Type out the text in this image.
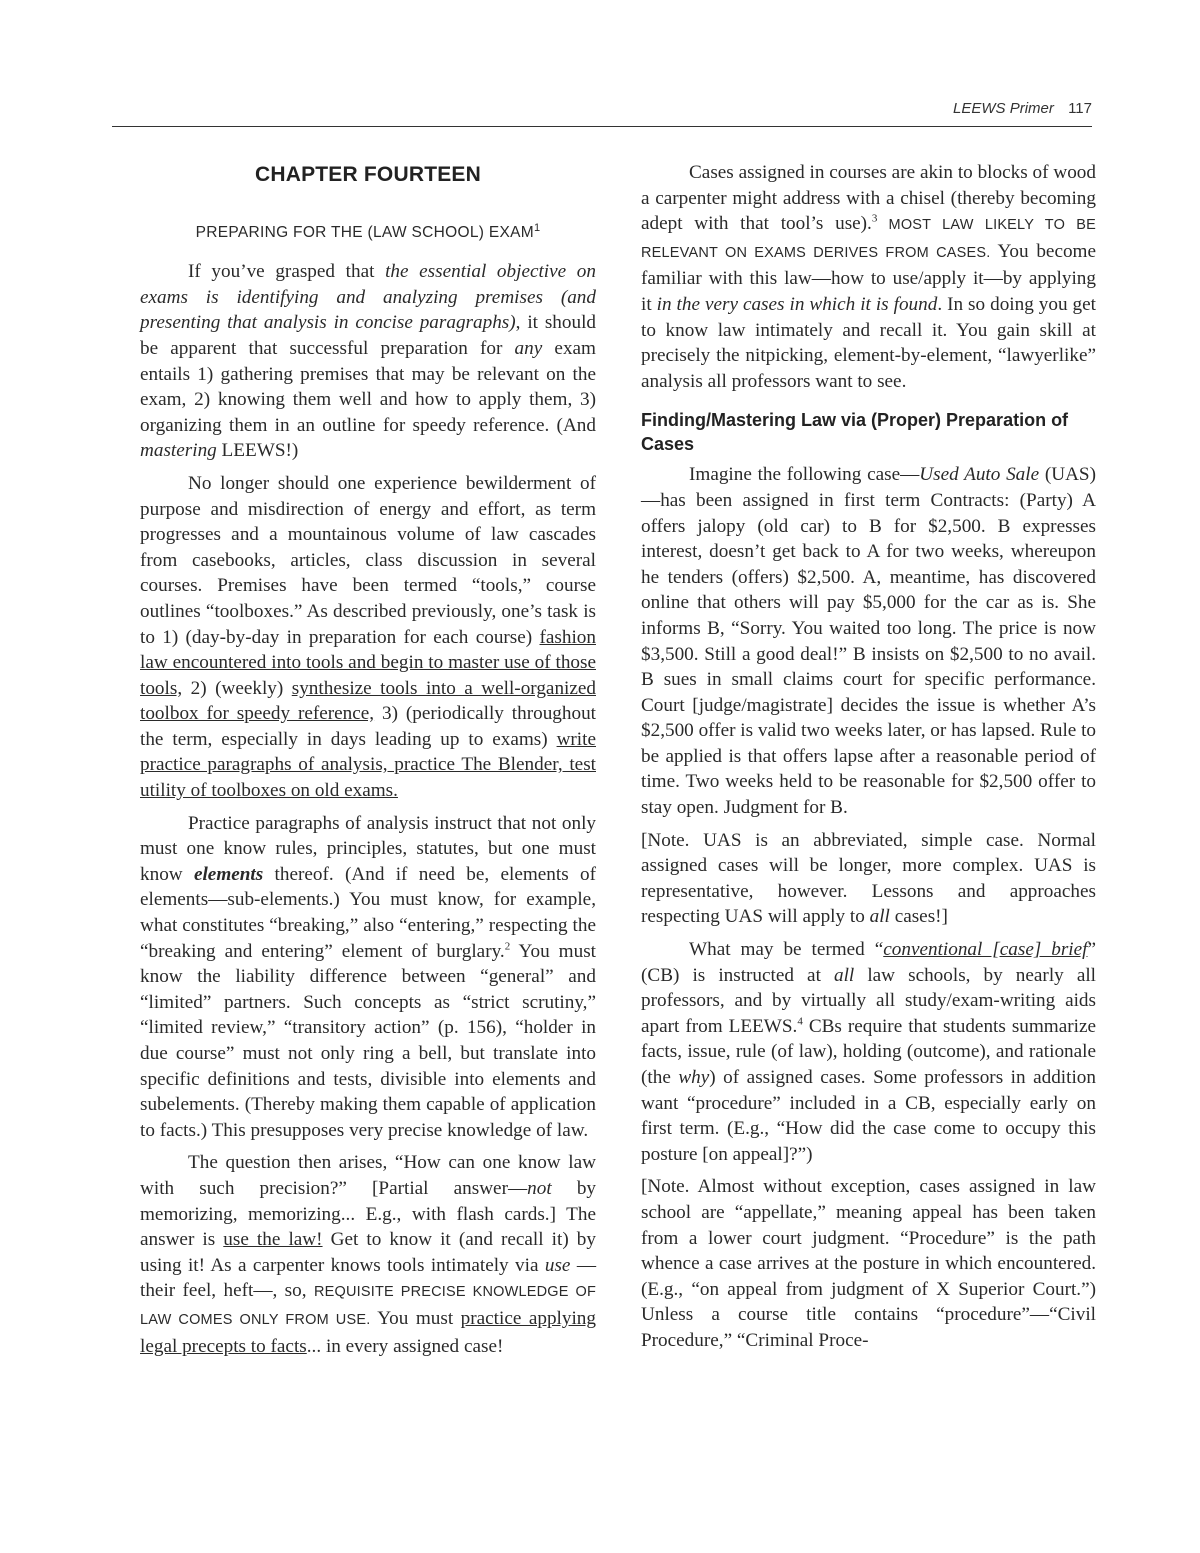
LEEWS Primer 117
CHAPTER FOURTEEN
PREPARING FOR THE (LAW SCHOOL) EXAM$^1$

If you’ve grasped that the essential objective on exams is identifying and analyzing premises (and presenting that analysis in concise paragraphs), it should be apparent that successful preparation for any exam entails 1) gathering premises that may be relevant on the exam, 2) knowing them well and how to apply them, 3) organizing them in an outline for speedy reference. (And mastering LEEWS!)

No longer should one experience bewilderment of purpose and misdirection of energy and effort, as term progresses and a mountainous volume of law cascades from casebooks, articles, class discussion in several courses. Premises have been termed “tools,” course outlines “toolboxes.” As described previously, one’s task is to 1) (day-by-day in preparation for each course) fashion law encountered into tools and begin to master use of those tools, 2) (weekly) synthesize tools into a well-organized toolbox for speedy reference, 3) (periodically throughout the term, especially in days leading up to exams) write practice paragraphs of analysis, practice The Blender, test utility of toolboxes on old exams.

Practice paragraphs of analysis instruct that not only must one know rules, principles, statutes, but one must know elements thereof. (And if need be, elements of elements—sub-elements.) You must know, for example, what constitutes “breaking,” also “entering,” respecting the “breaking and entering” element of burglary.$^2$ You must know the liability difference between “general” and “limited” partners. Such concepts as “strict scrutiny,” “limited review,” “transitory action” (p. 156), “holder in due course” must not only ring a bell, but translate into specific definitions and tests, divisible into elements and subelements. (Thereby making them capable of application to facts.) This presupposes very precise knowledge of law.

The question then arises, “How can one know law with such precision?” [Partial answer—not by memorizing, memorizing... E.g., with flash cards.] The answer is use the law! Get to know it (and recall it) by using it! As a carpenter knows tools intimately via use —their feel, heft—, so, REQUISITE PRECISE KNOWLEDGE OF LAW COMES ONLY FROM USE. You must practice applying legal precepts to facts... in every assigned case!

Cases assigned in courses are akin to blocks of wood a carpenter might address with a chisel (thereby becoming adept with that tool’s use).$^3$ MOST LAW LIKELY TO BE RELEVANT ON EXAMS DERIVES FROM CASES. You become familiar with this law—how to use/apply it—by applying it in the very cases in which it is found. In so doing you get to know law intimately and recall it. You gain skill at precisely the nitpicking, element-by-element, “lawyerlike” analysis all professors want to see.

Finding/Mastering Law via (Proper) Preparation of Cases

Imagine the following case—Used Auto Sale (UAS)—has been assigned in first term Contracts: (Party) A offers jalopy (old car) to B for $2,500. B expresses interest, doesn’t get back to A for two weeks, whereupon he tenders (offers) $2,500. A, meantime, has discovered online that others will pay $5,000 for the car as is. She informs B, “Sorry. You waited too long. The price is now $3,500. Still a good deal!” B insists on $2,500 to no avail. B sues in small claims court for specific performance. Court [judge/magistrate] decides the issue is whether A’s $2,500 offer is valid two weeks later, or has lapsed. Rule to be applied is that offers lapse after a reasonable period of time. Two weeks held to be reasonable for $2,500 offer to stay open. Judgment for B.

[Note. UAS is an abbreviated, simple case. Normal assigned cases will be longer, more complex. UAS is representative, however. Lessons and approaches respecting UAS will apply to all cases!]

What may be termed “conventional [case] brief” (CB) is instructed at all law schools, by nearly all professors, and by virtually all study/exam-writing aids apart from LEEWS.$^4$ CBs require that students summarize facts, issue, rule (of law), holding (outcome), and rationale (the why) of assigned cases. Some professors in addition want “procedure” included in a CB, especially early on first term. (E.g., “How did the case come to occupy this posture [on appeal]?”)

[Note. Almost without exception, cases assigned in law school are “appellate,” meaning appeal has been taken from a lower court judgment. “Procedure” is the path whence a case arrives at the posture in which encountered. (E.g., “on appeal from judgment of X Superior Court.”) Unless a course title contains “procedure”—“Civil Procedure,” “Criminal Proce-
